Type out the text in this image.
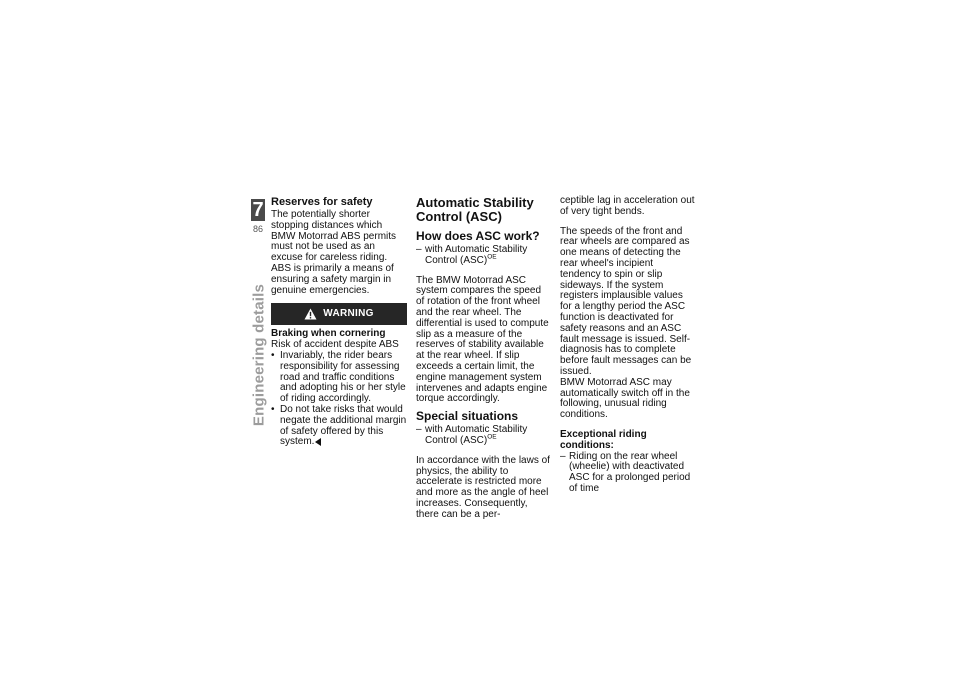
7
86
Engineering details
Reserves for safety

The potentially shorter stopping distances which BMW Motorrad ABS permits must not be used as an excuse for careless riding. ABS is primarily a means of ensuring a safety margin in genuine emergencies.

WARNING

Braking when cornering

Risk of accident despite ABS

• Invariably, the rider bears responsibility for assessing road and traffic conditions and adopting his or her style of riding accordingly.
• Do not take risks that would negate the additional margin of safety offered by this system.
Automatic Stability Control (ASC)
How does ASC work?
– with Automatic Stability Control (ASC)$^{OE}$

The BMW Motorrad ASC system compares the speed of rotation of the front wheel and the rear wheel. The differential is used to compute slip as a measure of the reserves of stability available at the rear wheel. If slip exceeds a certain limit, the engine management system intervenes and adapts engine torque accordingly.

Special situations
– with Automatic Stability Control (ASC)$^{OE}$

In accordance with the laws of physics, the ability to accelerate is restricted more and more as the angle of heel increases. Consequently, there can be a per-

ceptible lag in acceleration out of very tight bends.

The speeds of the front and rear wheels are compared as one means of detecting the rear wheel's incipient tendency to spin or slip sideways. If the system registers implausible values for a lengthy period the ASC function is deactivated for safety reasons and an ASC fault message is issued. Self-diagnosis has to complete before fault messages can be issued.

BMW Motorrad ASC may automatically switch off in the following, unusual riding conditions.

Exceptional riding conditions:

– Riding on the rear wheel (wheelie) with deactivated ASC for a prolonged period of time
